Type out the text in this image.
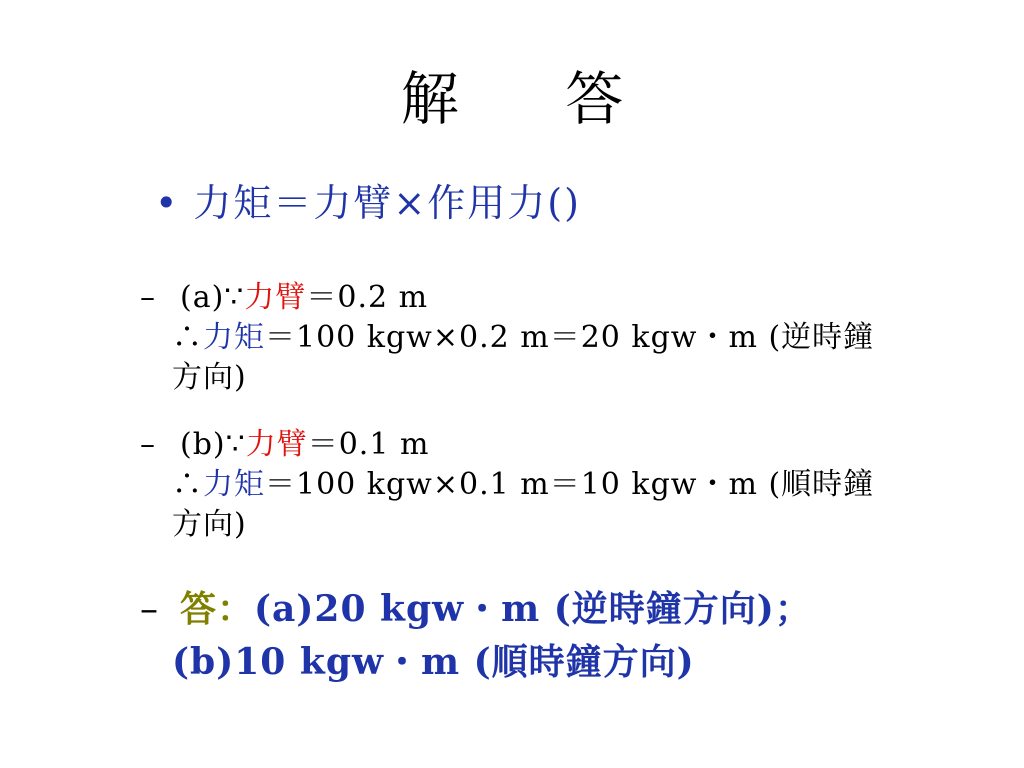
解 答
• 力矩＝力臂×作用力()
– (a)∵力臂＝0.2 m
∴力矩＝100 kgw×0.2 m＝20 kgw・m (逆時鐘
方向)
– (b)∵力臂＝0.1 m
∴力矩＝100 kgw×0.1 m＝10 kgw・m (順時鐘
方向)
– 答：(a)20 kgw・m (逆時鐘方向)；
(b)10 kgw・m (順時鐘方向)
